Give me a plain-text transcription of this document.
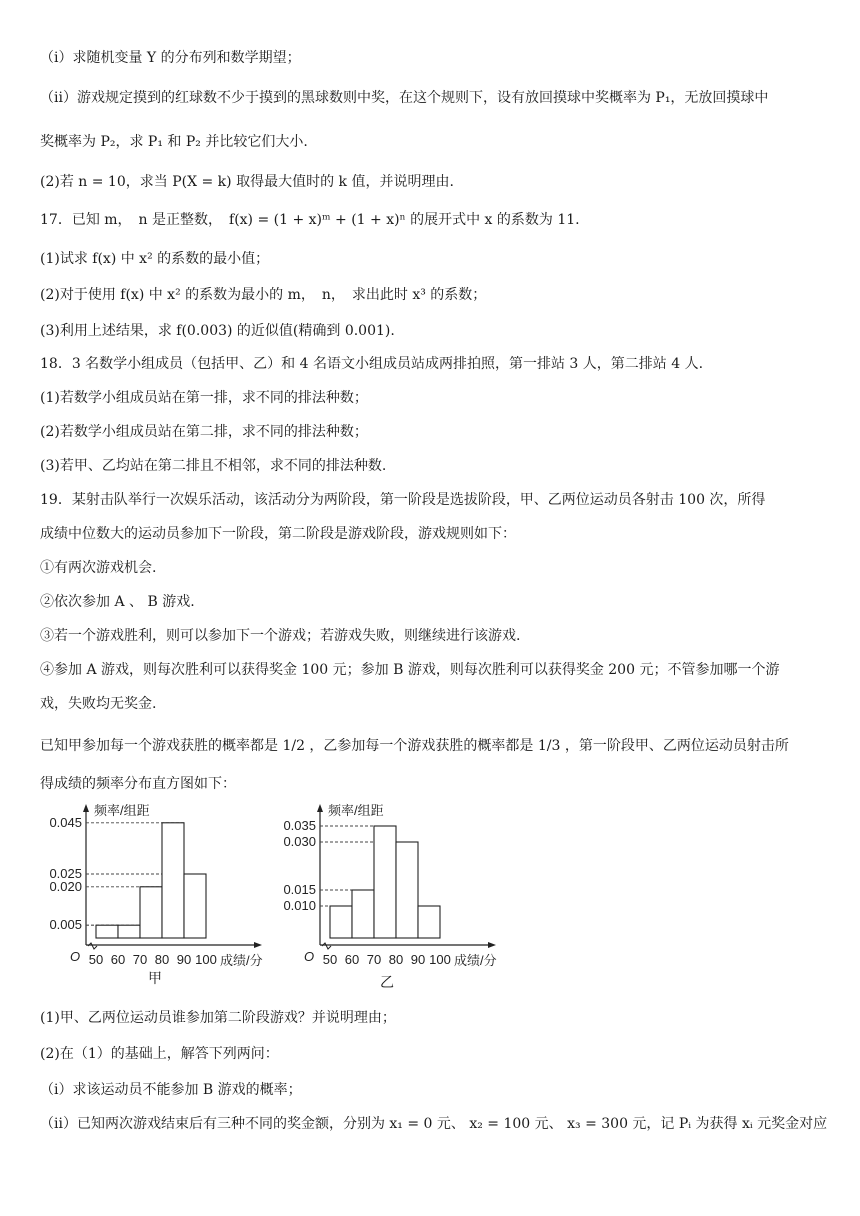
（i）求随机变量 Y 的分布列和数学期望；
（ii）游戏规定摸到的红球数不少于摸到的黑球数则中奖，在这个规则下，设有放回摸球中奖概率为 P₁，无放回摸球中
奖概率为 P₂，求 P₁ 和 P₂ 并比较它们大小.
(2)若 n = 10，求当 P(X = k) 取得最大值时的 k 值，并说明理由.
17．已知 m，　n 是正整数，　f(x) = (1 + x)ᵐ + (1 + x)ⁿ 的展开式中 x 的系数为 11.
(1)试求 f(x) 中 x² 的系数的最小值；
(2)对于使用 f(x) 中 x² 的系数为最小的 m，　n，　求出此时 x³ 的系数；
(3)利用上述结果，求 f(0.003) 的近似值(精确到 0.001).
18．3 名数学小组成员（包括甲、乙）和 4 名语文小组成员站成两排拍照，第一排站 3 人，第二排站 4 人.
(1)若数学小组成员站在第一排，求不同的排法种数；
(2)若数学小组成员站在第二排，求不同的排法种数；
(3)若甲、乙均站在第二排且不相邻，求不同的排法种数.
19．某射击队举行一次娱乐活动，该活动分为两阶段，第一阶段是选拔阶段，甲、乙两位运动员各射击 100 次，所得
成绩中位数大的运动员参加下一阶段，第二阶段是游戏阶段，游戏规则如下：
①有两次游戏机会.
②依次参加 A 、 B 游戏.
③若一个游戏胜利，则可以参加下一个游戏；若游戏失败，则继续进行该游戏.
④参加 A 游戏，则每次胜利可以获得奖金 100 元；参加 B 游戏，则每次胜利可以获得奖金 200 元；不管参加哪一个游
戏，失败均无奖金.
已知甲参加每一个游戏获胜的概率都是 1/2 ，乙参加每一个游戏获胜的概率都是 1/3 ，第一阶段甲、乙两位运动员射击所
得成绩的频率分布直方图如下：
0.045
0.025
0.020
0.005
50 60 70 80 90 100
O
频率/组距
成绩/分
甲
0.035
0.030
0.015
0.010
50 60 70 80 90 100
O
频率/组距
成绩/分
乙
(1)甲、乙两位运动员谁参加第二阶段游戏？并说明理由；
(2)在（1）的基础上，解答下列两问：
（ⅰ）求该运动员不能参加 B 游戏的概率；
（ⅱ）已知两次游戏结束后有三种不同的奖金额，分别为 x₁ = 0 元、 x₂ = 100 元、 x₃ = 300 元，记 Pᵢ 为获得 xᵢ 元奖金对应
